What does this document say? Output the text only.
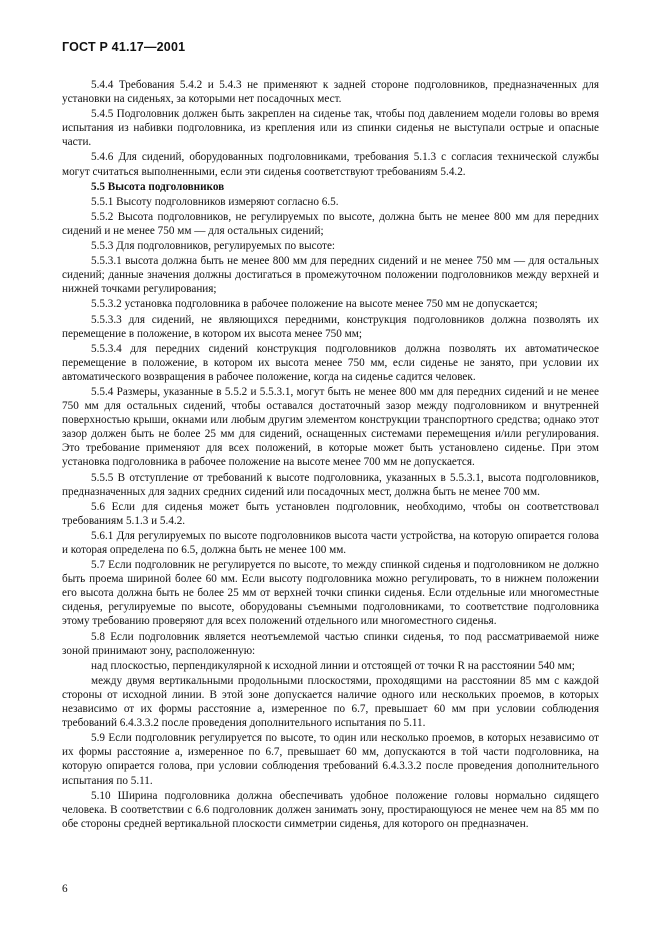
ГОСТ Р 41.17—2001

5.4.4 Требования 5.4.2 и 5.4.3 не применяют к задней стороне подголовников, предназначенных для установки на сиденьях, за которыми нет посадочных мест.

5.4.5 Подголовник должен быть закреплен на сиденье так, чтобы под давлением модели головы во время испытания из набивки подголовника, из крепления или из спинки сиденья не выступали острые и опасные части.

5.4.6 Для сидений, оборудованных подголовниками, требования 5.1.3 с согласия технической службы могут считаться выполненными, если эти сиденья соответствуют требованиям 5.4.2.

5.5 Высота подголовников

5.5.1 Высоту подголовников измеряют согласно 6.5.

5.5.2 Высота подголовников, не регулируемых по высоте, должна быть не менее 800 мм для передних сидений и не менее 750 мм — для остальных сидений;

5.5.3 Для подголовников, регулируемых по высоте:

5.5.3.1 высота должна быть не менее 800 мм для передних сидений и не менее 750 мм — для остальных сидений; данные значения должны достигаться в промежуточном положении подголовников между верхней и нижней точками регулирования;

5.5.3.2 установка подголовника в рабочее положение на высоте менее 750 мм не допускается;

5.5.3.3 для сидений, не являющихся передними, конструкция подголовников должна позволять их перемещение в положение, в котором их высота менее 750 мм;

5.5.3.4 для передних сидений конструкция подголовников должна позволять их автоматическое перемещение в положение, в котором их высота менее 750 мм, если сиденье не занято, при условии их автоматического возвращения в рабочее положение, когда на сиденье садится человек.

5.5.4 Размеры, указанные в 5.5.2 и 5.5.3.1, могут быть не менее 800 мм для передних сидений и не менее 750 мм для остальных сидений, чтобы оставался достаточный зазор между подголовником и внутренней поверхностью крыши, окнами или любым другим элементом конструкции транспортного средства; однако этот зазор должен быть не более 25 мм для сидений, оснащенных системами перемещения и/или регулирования. Это требование применяют для всех положений, в которые может быть установлено сиденье. При этом установка подголовника в рабочее положение на высоте менее 700 мм не допускается.

5.5.5 В отступление от требований к высоте подголовника, указанных в 5.5.3.1, высота подголовников, предназначенных для задних средних сидений или посадочных мест, должна быть не менее 700 мм.

5.6 Если для сиденья может быть установлен подголовник, необходимо, чтобы он соответствовал требованиям 5.1.3 и 5.4.2.

5.6.1 Для регулируемых по высоте подголовников высота части устройства, на которую опирается голова и которая определена по 6.5, должна быть не менее 100 мм.

5.7 Если подголовник не регулируется по высоте, то между спинкой сиденья и подголовником не должно быть проема шириной более 60 мм. Если высоту подголовника можно регулировать, то в нижнем положении его высота должна быть не более 25 мм от верхней точки спинки сиденья. Если отдельные или многоместные сиденья, регулируемые по высоте, оборудованы съемными подголовниками, то соответствие подголовника этому требованию проверяют для всех положений отдельного или многоместного сиденья.

5.8 Если подголовник является неотъемлемой частью спинки сиденья, то под рассматриваемой ниже зоной принимают зону, расположенную:

над плоскостью, перпендикулярной к исходной линии и отстоящей от точки R на расстоянии 540 мм;

между двумя вертикальными продольными плоскостями, проходящими на расстоянии 85 мм с каждой стороны от исходной линии. В этой зоне допускается наличие одного или нескольких проемов, в которых независимо от их формы расстояние a, измеренное по 6.7, превышает 60 мм при условии соблюдения требований 6.4.3.3.2 после проведения дополнительного испытания по 5.11.

5.9 Если подголовник регулируется по высоте, то один или несколько проемов, в которых независимо от их формы расстояние a, измеренное по 6.7, превышает 60 мм, допускаются в той части подголовника, на которую опирается голова, при условии соблюдения требований 6.4.3.3.2 после проведения дополнительного испытания по 5.11.

5.10 Ширина подголовника должна обеспечивать удобное положение головы нормально сидящего человека. В соответствии с 6.6 подголовник должен занимать зону, простирающуюся не менее чем на 85 мм по обе стороны средней вертикальной плоскости симметрии сиденья, для которого он предназначен.

6
